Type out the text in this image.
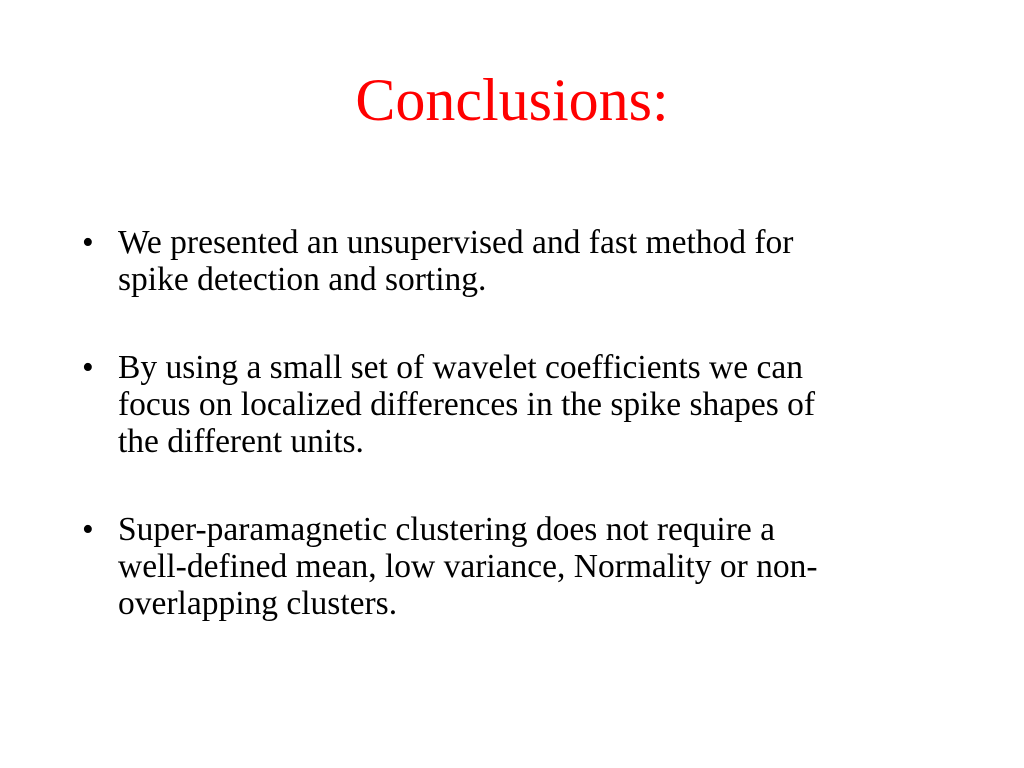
Conclusions:
• We presented an unsupervised and fast method for
spike detection and sorting.
• By using a small set of wavelet coefficients we can
focus on localized differences in the spike shapes of
the different units.
• Super-paramagnetic clustering does not require a
well-defined mean, low variance, Normality or non-
overlapping clusters.
